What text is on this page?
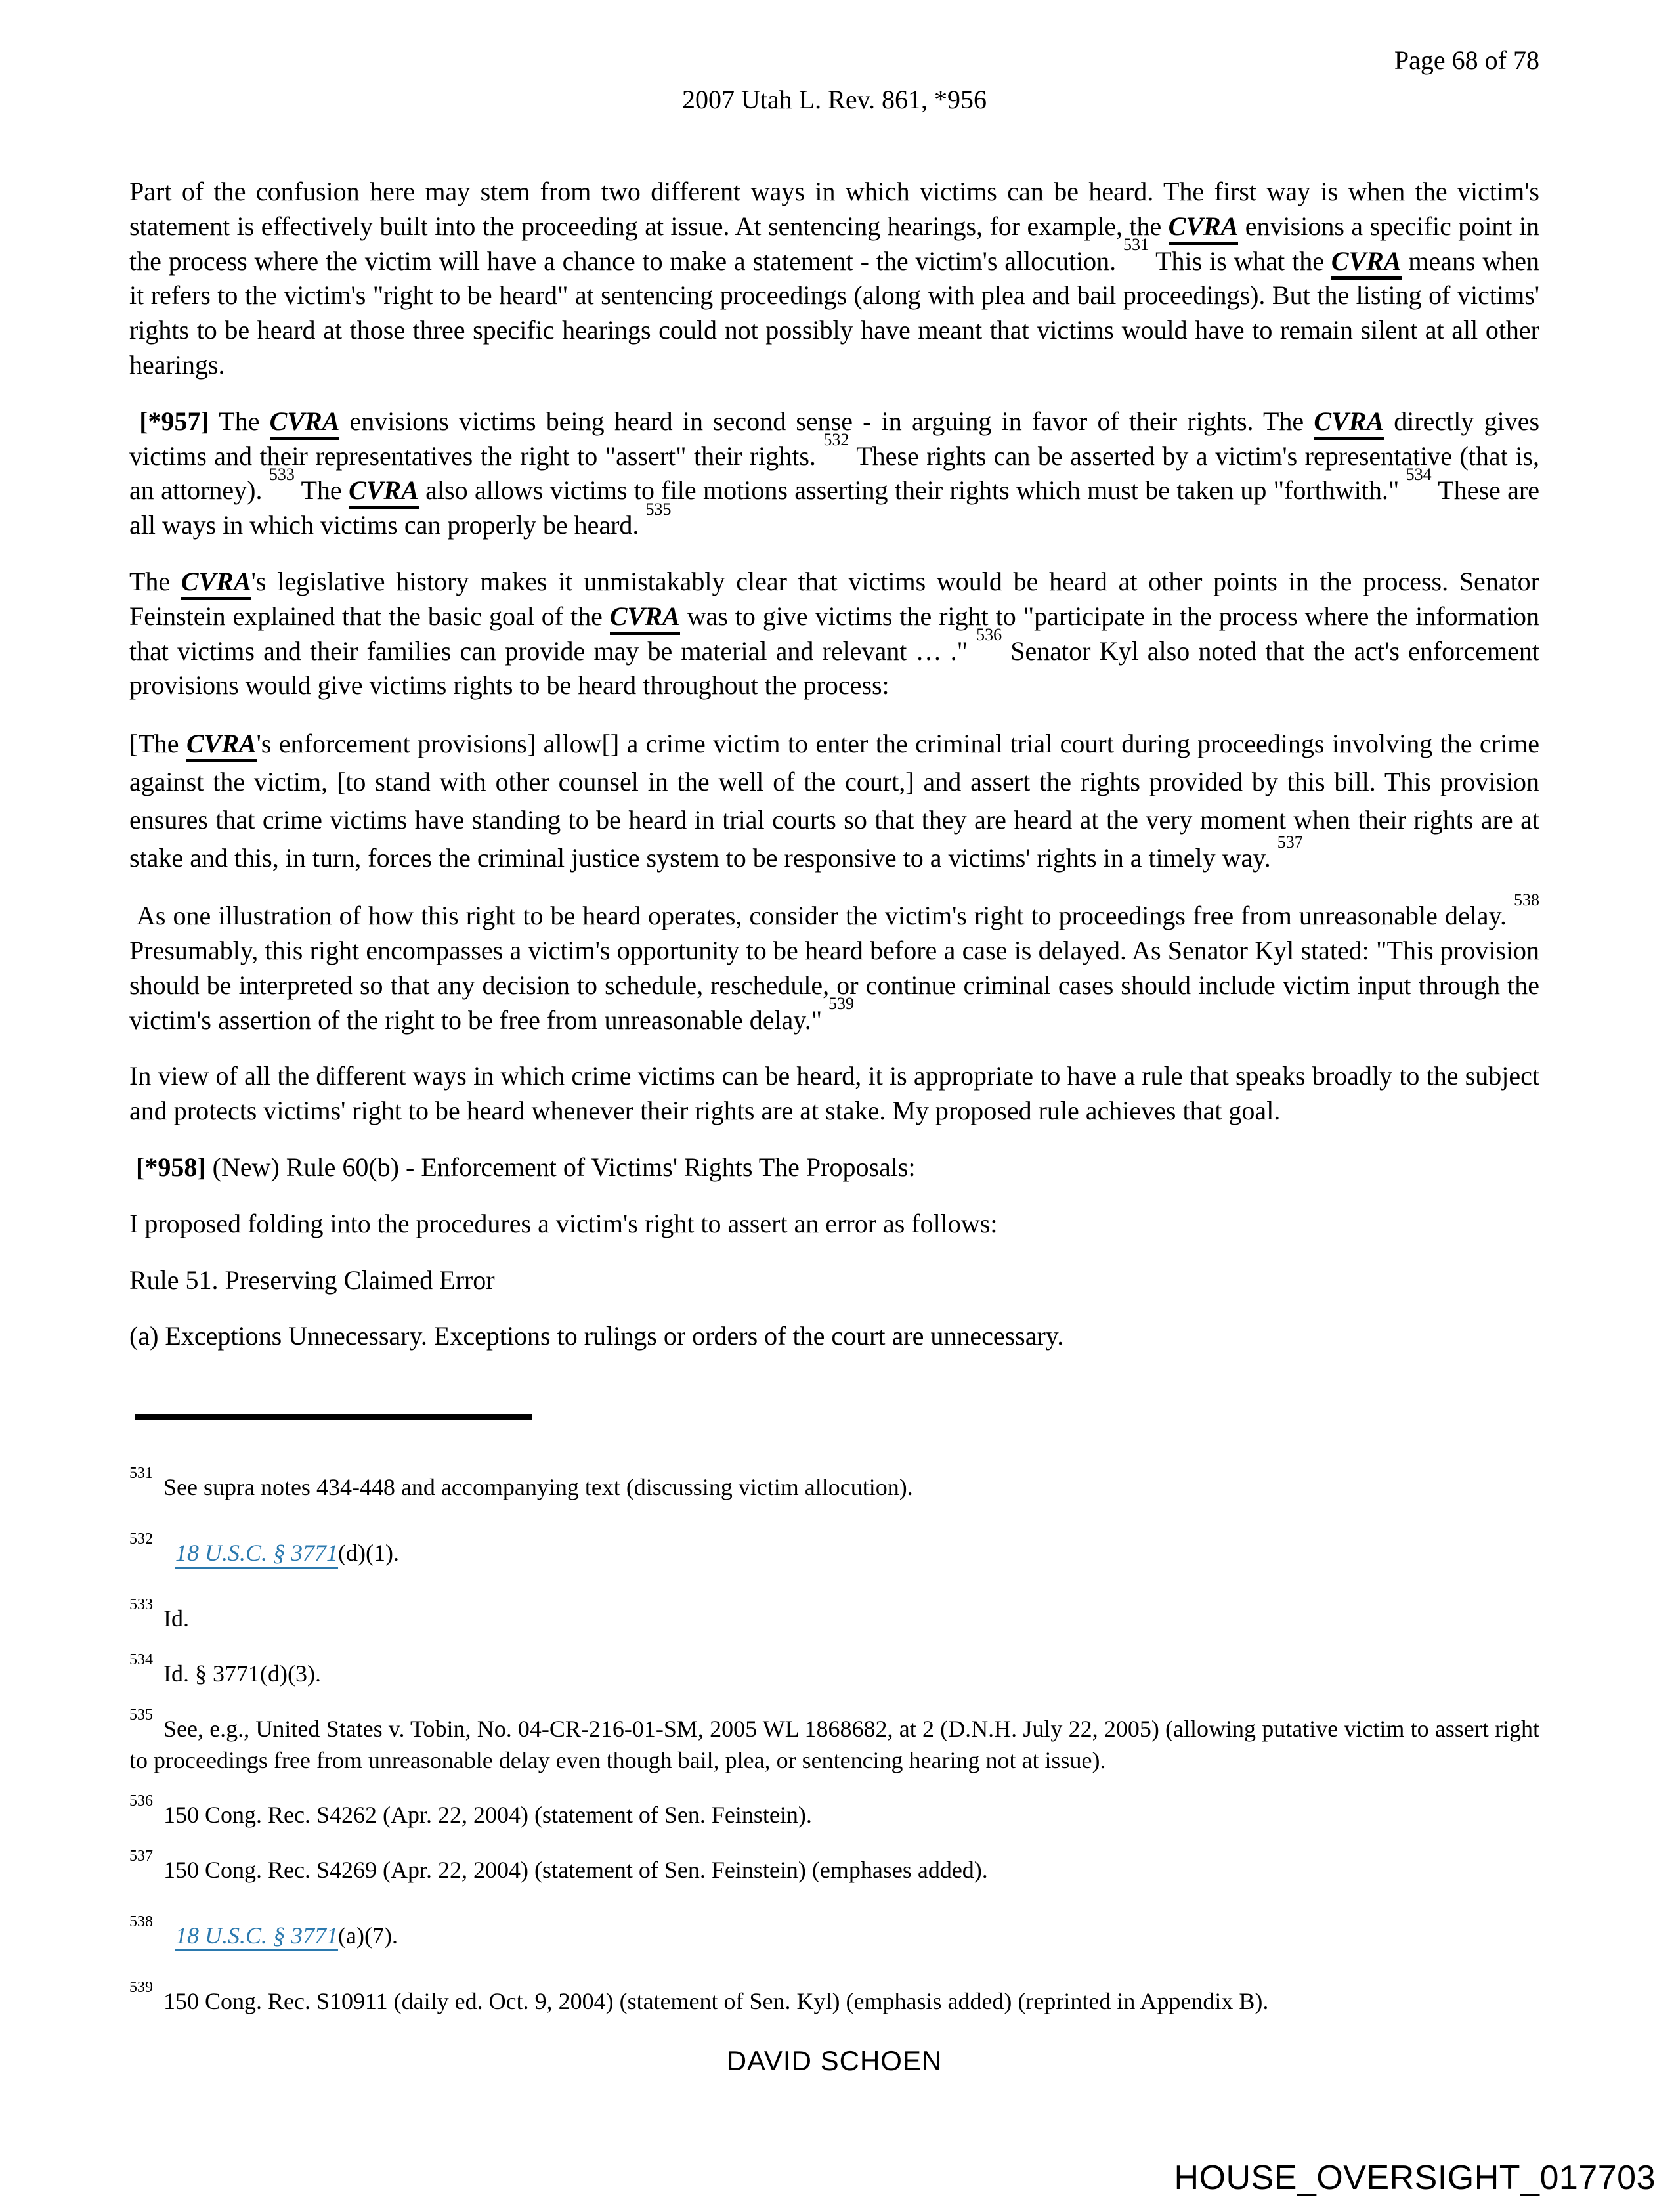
Page 68 of 78
2007 Utah L. Rev. 861, *956

Part of the confusion here may stem from two different ways in which victims can be heard. The first way is when the victim's statement is effectively built into the proceeding at issue. At sentencing hearings, for example, the CVRA envisions a specific point in the process where the victim will have a chance to make a statement - the victim's allocution. $^{531}$ This is what the CVRA means when it refers to the victim's "right to be heard" at sentencing proceedings (along with plea and bail proceedings). But the listing of victims' rights to be heard at those three specific hearings could not possibly have meant that victims would have to remain silent at all other hearings.

[*957] The CVRA envisions victims being heard in second sense - in arguing in favor of their rights. The CVRA directly gives victims and their representatives the right to "assert" their rights. $^{532}$ These rights can be asserted by a victim's representative (that is, an attorney). $^{533}$ The CVRA also allows victims to file motions asserting their rights which must be taken up "forthwith." $^{534}$ These are all ways in which victims can properly be heard. $^{535}$

The CVRA's legislative history makes it unmistakably clear that victims would be heard at other points in the process. Senator Feinstein explained that the basic goal of the CVRA was to give victims the right to "participate in the process where the information that victims and their families can provide may be material and relevant … ." $^{536}$ Senator Kyl also noted that the act's enforcement provisions would give victims rights to be heard throughout the process:

[The CVRA's enforcement provisions] allow[] a crime victim to enter the criminal trial court during proceedings involving the crime against the victim, [to stand with other counsel in the well of the court,] and assert the rights provided by this bill. This provision ensures that crime victims have standing to be heard in trial courts so that they are heard at the very moment when their rights are at stake and this, in turn, forces the criminal justice system to be responsive to a victims' rights in a timely way. $^{537}$

As one illustration of how this right to be heard operates, consider the victim's right to proceedings free from unreasonable delay. $^{538}$ Presumably, this right encompasses a victim's opportunity to be heard before a case is delayed. As Senator Kyl stated: "This provision should be interpreted so that any decision to schedule, reschedule, or continue criminal cases should include victim input through the victim's assertion of the right to be free from unreasonable delay." $^{539}$

In view of all the different ways in which crime victims can be heard, it is appropriate to have a rule that speaks broadly to the subject and protects victims' right to be heard whenever their rights are at stake. My proposed rule achieves that goal.

[*958] (New) Rule 60(b) - Enforcement of Victims' Rights The Proposals:

I proposed folding into the procedures a victim's right to assert an error as follows:

Rule 51. Preserving Claimed Error

(a) Exceptions Unnecessary. Exceptions to rulings or orders of the court are unnecessary.

$^{531}$See supra notes 434-448 and accompanying text (discussing victim allocution).
$^{532}$18 U.S.C. § 3771(d)(1).
$^{533}$Id.
$^{534}$Id. § 3771(d)(3).
$^{535}$See, e.g., United States v. Tobin, No. 04-CR-216-01-SM, 2005 WL 1868682, at 2 (D.N.H. July 22, 2005) (allowing putative victim to assert right to proceedings free from unreasonable delay even though bail, plea, or sentencing hearing not at issue).
$^{536}$150 Cong. Rec. S4262 (Apr. 22, 2004) (statement of Sen. Feinstein).
$^{537}$150 Cong. Rec. S4269 (Apr. 22, 2004) (statement of Sen. Feinstein) (emphases added).
$^{538}$18 U.S.C. § 3771(a)(7).
$^{539}$150 Cong. Rec. S10911 (daily ed. Oct. 9, 2004) (statement of Sen. Kyl) (emphasis added) (reprinted in Appendix B).
DAVID SCHOEN
HOUSE_OVERSIGHT_017703
